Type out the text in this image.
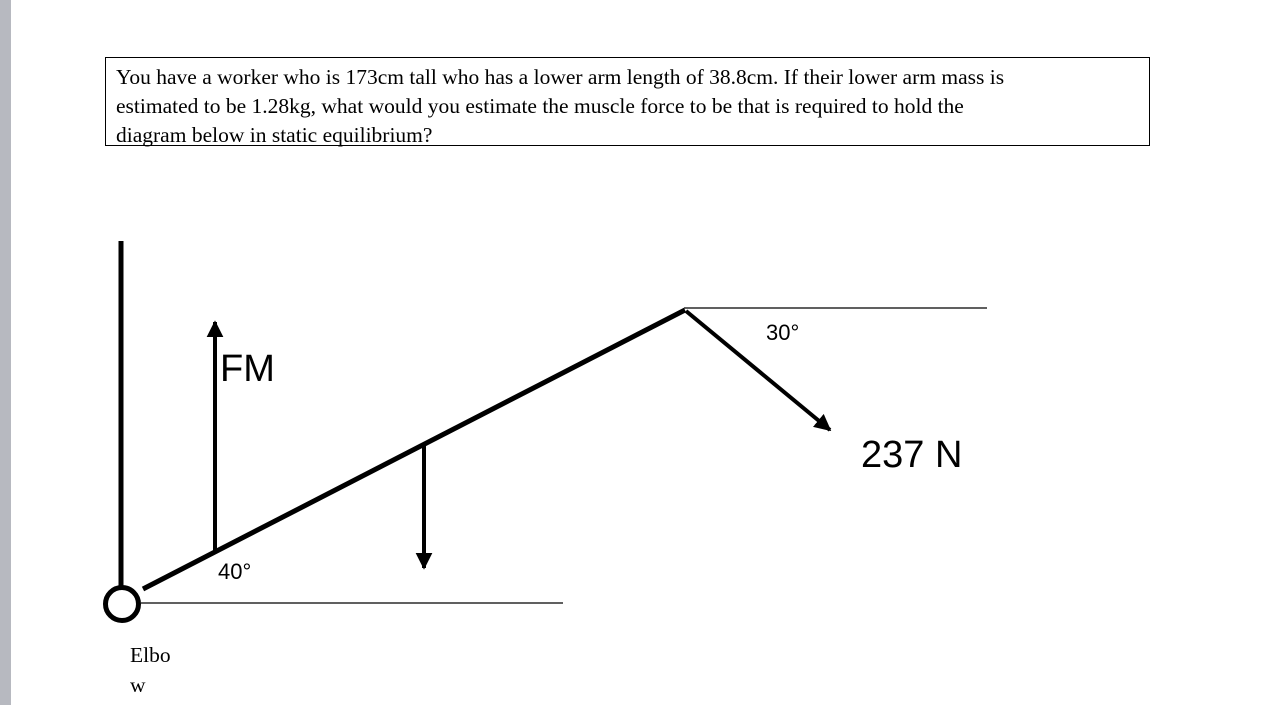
You have a worker who is 173cm tall who has a lower arm length of 38.8cm. If their lower arm mass is
estimated to be 1.28kg, what would you estimate the muscle force to be that is required to hold the
diagram below in static equilibrium?
FM
40°
30°
237 N
Elbo
w
